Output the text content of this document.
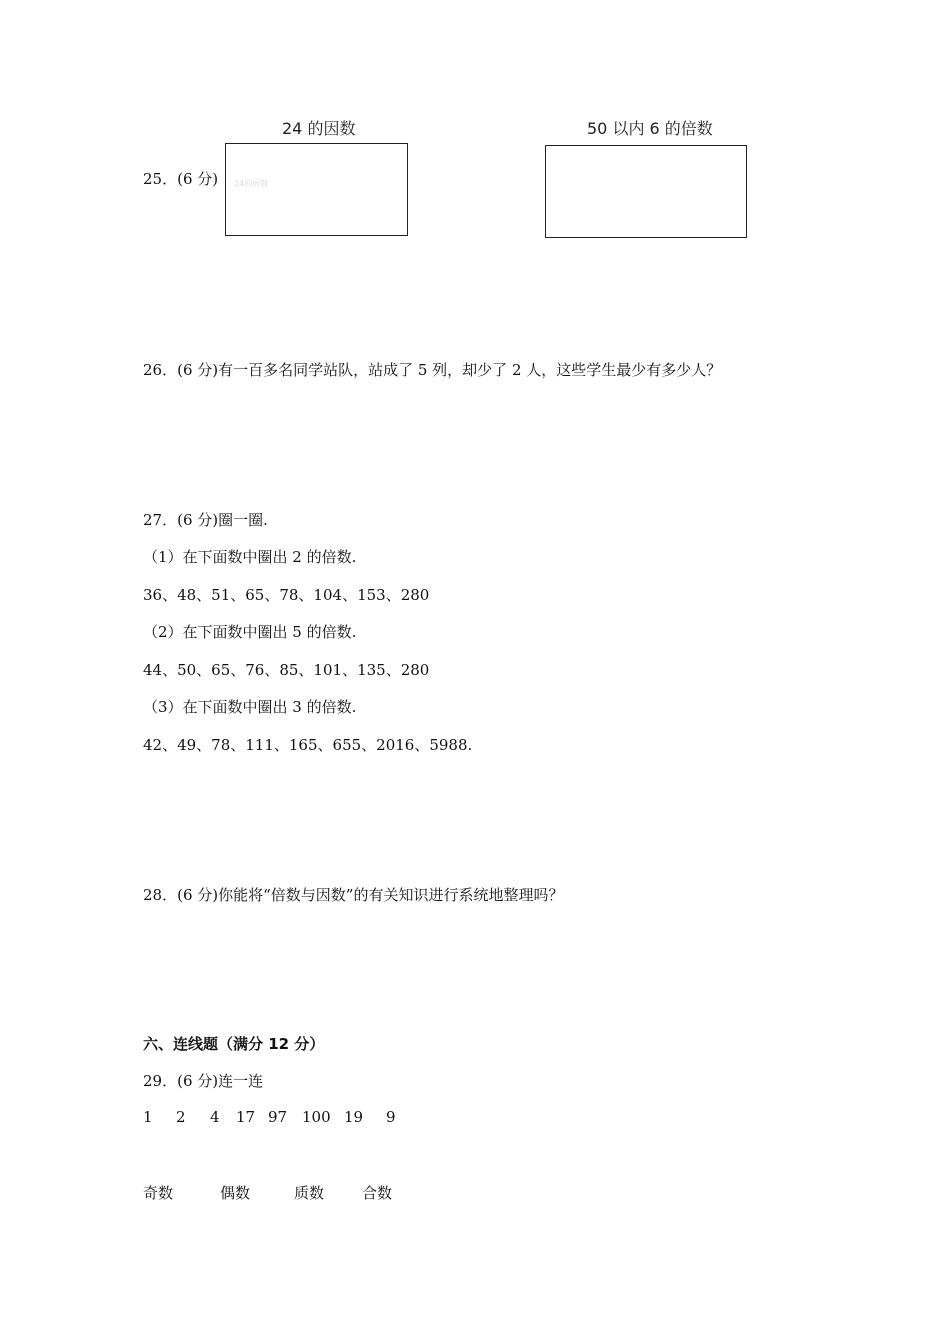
25．(6 分)
24 的因数
24的因数
50 以内 6 的倍数
26．(6 分)有一百多名同学站队，站成了 5 列，却少了 2 人，这些学生最少有多少人？
27．(6 分)圈一圈.
（1）在下面数中圈出 2 的倍数.
36、48、51、65、78、104、153、280
（2）在下面数中圈出 5 的倍数.
44、50、65、76、85、101、135、280
（3）在下面数中圈出 3 的倍数.
42、49、78、111、165、655、2016、5988.
28．(6 分)你能将“倍数与因数”的有关知识进行系统地整理吗？
六、连线题（满分 12 分）
29．(6 分)连一连
1 2 4 17 97 100 19 9
奇数	偶数	质数	合数
